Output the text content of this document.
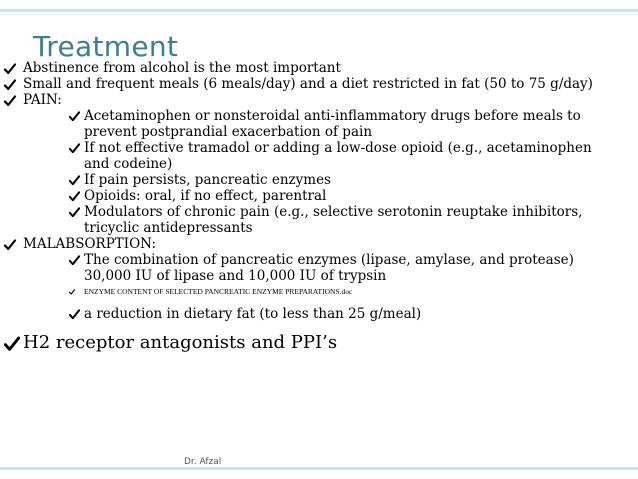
Treatment
Abstinence from alcohol is the most important
Small and frequent meals (6 meals/day) and a diet restricted in fat (50 to 75 g/day)
PAIN:
Acetaminophen or nonsteroidal anti-inflammatory drugs before meals to prevent postprandial exacerbation of pain
If not effective tramadol or adding a low-dose opioid (e.g., acetaminophen and codeine)
If pain persists, pancreatic enzymes
Opioids: oral, if no effect, parentral
Modulators of chronic pain (e.g., selective serotonin reuptake inhibitors, tricyclic antidepressants
MALABSORPTION:
The combination of pancreatic enzymes (lipase, amylase, and protease) 30,000 IU of lipase and 10,000 IU of trypsin
ENZYME CONTENT OF SELECTED PANCREATIC ENZYME PREPARATIONS.doc
a reduction in dietary fat (to less than 25 g/meal)
H2 receptor antagonists and PPI’s
Dr. Afzal
